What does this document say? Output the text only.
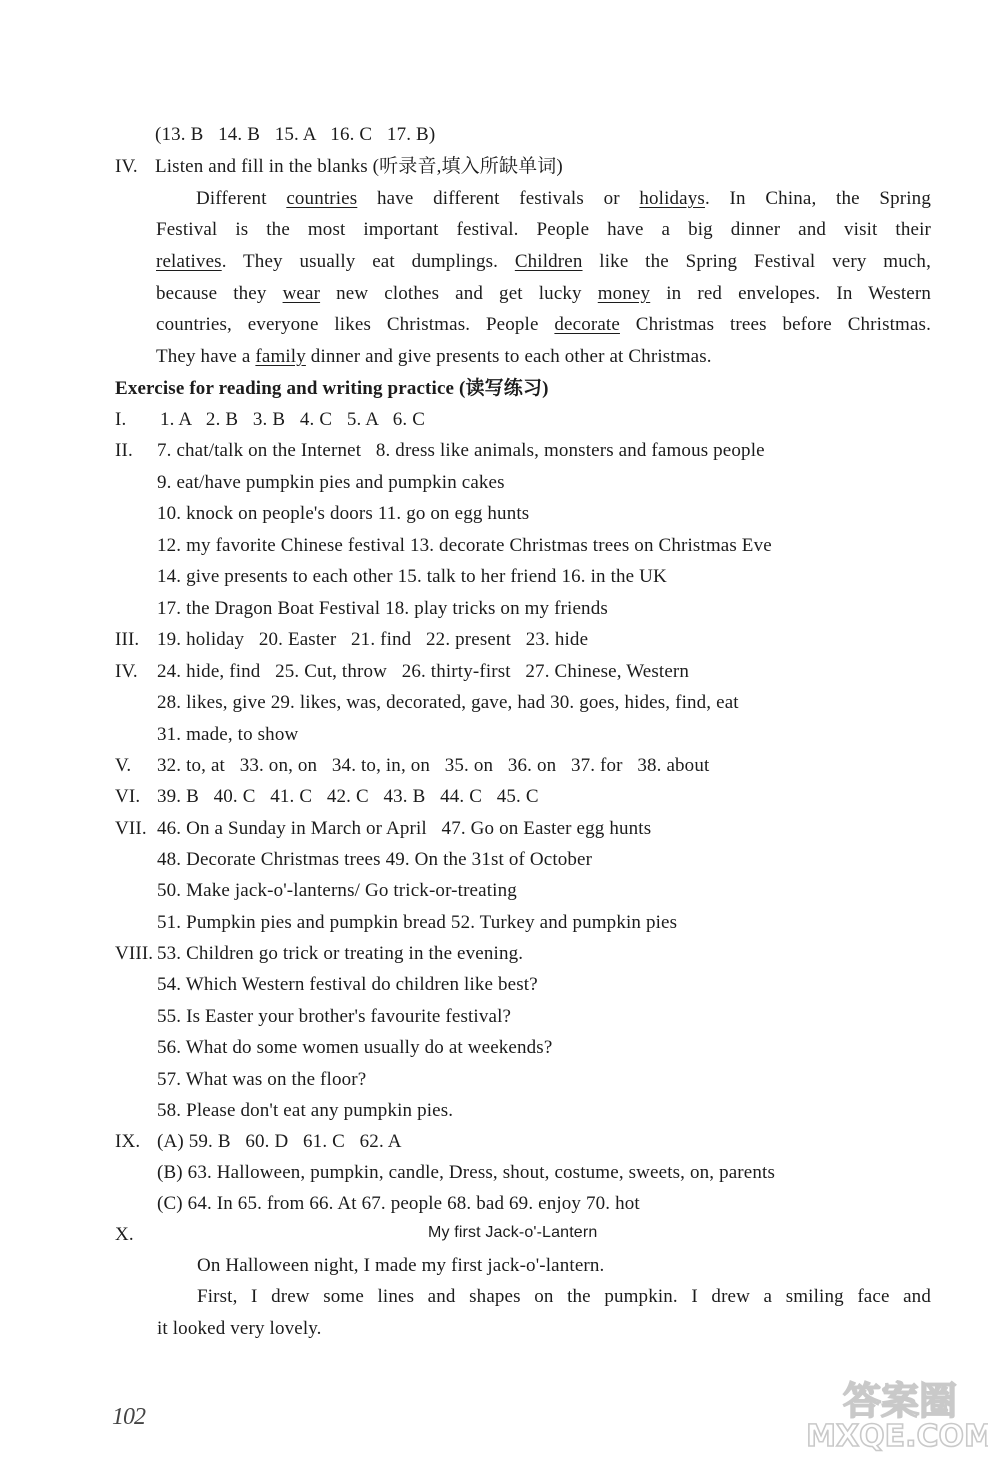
(13. B   14. B   15. A   16. C   17. B)
IV. Listen and fill in the blanks (听录音,填入所缺单词)
Different countries have different festivals or holidays. In China, the Spring
Festival is the most important festival. People have a big dinner and visit their
relatives. They usually eat dumplings. Children like the Spring Festival very much,
because they wear new clothes and get lucky money in red envelopes. In Western
countries, everyone likes Christmas. People decorate Christmas trees before Christmas.
They have a family dinner and give presents to each other at Christmas.
Exercise for reading and writing practice (读写练习)
I. 1. A   2. B   3. B   4. C   5. A   6. C
II. 7. chat/talk on the Internet   8. dress like animals, monsters and famous people
9. eat/have pumpkin pies and pumpkin cakes
10. knock on people's doors 11. go on egg hunts
12. my favorite Chinese festival 13. decorate Christmas trees on Christmas Eve
14. give presents to each other 15. talk to her friend 16. in the UK
17. the Dragon Boat Festival 18. play tricks on my friends
III. 19. holiday   20. Easter   21. find   22. present   23. hide
IV. 24. hide, find   25. Cut, throw   26. thirty-first   27. Chinese, Western
28. likes, give 29. likes, was, decorated, gave, had 30. goes, hides, find, eat
31. made, to show
V. 32. to, at   33. on, on   34. to, in, on   35. on   36. on   37. for   38. about
VI. 39. B   40. C   41. C   42. C   43. B   44. C   45. C
VII. 46. On a Sunday in March or April   47. Go on Easter egg hunts
48. Decorate Christmas trees 49. On the 31st of October
50. Make jack-o'-lanterns/ Go trick-or-treating
51. Pumpkin pies and pumpkin bread 52. Turkey and pumpkin pies
VIII. 53. Children go trick or treating in the evening.
54. Which Western festival do children like best?
55. Is Easter your brother's favourite festival?
56. What do some women usually do at weekends?
57. What was on the floor?
58. Please don't eat any pumpkin pies.
IX. (A) 59. B   60. D   61. C   62. A
(B) 63. Halloween, pumpkin, candle, Dress, shout, costume, sweets, on, parents
(C) 64. In 65. from 66. At 67. people 68. bad 69. enjoy 70. hot
X.	My first Jack-o'-Lantern
On Halloween night, I made my first jack-o'-lantern.
First, I drew some lines and shapes on the pumpkin. I drew a smiling face and
it looked very lovely.
102	答案圈
MXQE.COM
